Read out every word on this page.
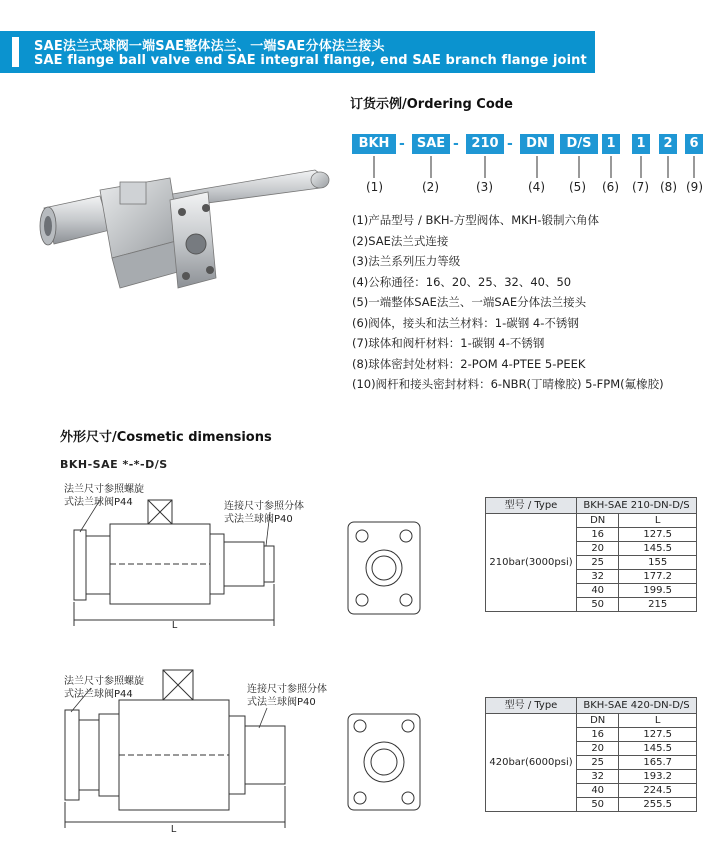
SAE法兰式球阀一端SAE整体法兰、一端SAE分体法兰接头
SAE flange ball valve end SAE integral flange, end SAE branch flange joint
订货示例/Ordering Code
BKH - SAE - 210 -	DN	D/S	1	1	2	6
(1)	(2)	(3)	(4) (5) (6) (7) (8) (9)
(1)产品型号 / BKH-方型阀体、MKH-锻制六角体
(2)SAE法兰式连接
(3)法兰系列压力等级
(4)公称通径：16、20、25、32、40、50
(5)一端整体SAE法兰、一端SAE分体法兰接头
(6)阀体，接头和法兰材料：1-碳钢 4-不锈钢
(7)球体和阀杆材料：1-碳钢 4-不锈钢
(8)球体密封处材料：2-POM 4-PTEE 5-PEEK
(10)阀杆和接头密封材料：6-NBR(丁晴橡胶) 5-FPM(氟橡胶)
外形尺寸/Cosmetic dimensions
BKH-SAE *-*-D/S
L
法兰尺寸参照螺旋
式法兰球阀P44	连接尺寸参照分体
式法兰球阀P40
型号 / Type	BKH-SAE 210-DN-D/S	
210bar(3000psi)	DN	L
	16	127.5
	20	145.5
	25	155
	32	177.2
	40	199.5
	50	215
L
法兰尺寸参照螺旋
式法兰球阀P44	连接尺寸参照分体
式法兰球阀P40	型号 / Type	BKH-SAE 420-DN-D/S	
420bar(6000psi)	DN	L
	16	127.5
	20	145.5
	25	165.7
	32	193.2
	40	224.5
	50	255.5
